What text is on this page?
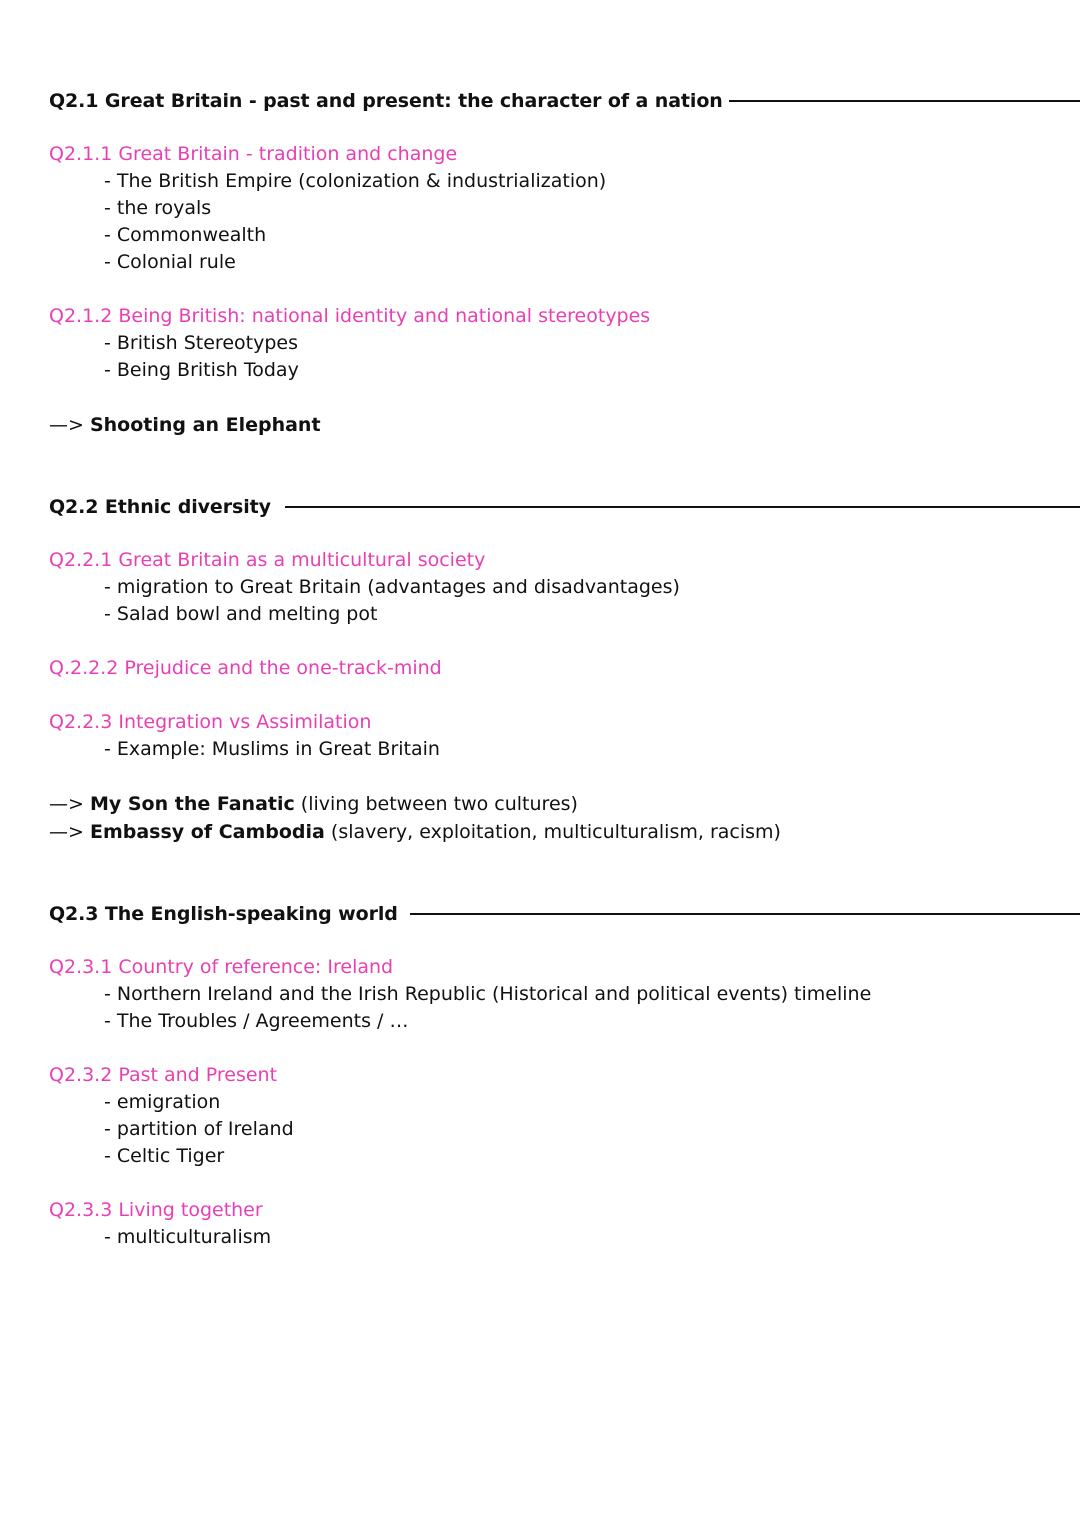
Q2.1 Great Britain - past and present: the character of a nation
Q2.1.1 Great Britain - tradition and change
- The British Empire (colonization & industrialization)
- the royals
- Commonwealth
- Colonial rule
Q2.1.2 Being British: national identity and national stereotypes
- British Stereotypes
- Being British Today
—> Shooting an Elephant
Q2.2 Ethnic diversity
Q2.2.1 Great Britain as a multicultural society
- migration to Great Britain (advantages and disadvantages)
- Salad bowl and melting pot
Q.2.2.2 Prejudice and the one-track-mind
Q2.2.3 Integration vs Assimilation
- Example: Muslims in Great Britain
—> My Son the Fanatic (living between two cultures)
—> Embassy of Cambodia (slavery, exploitation, multiculturalism, racism)
Q2.3 The English-speaking world
Q2.3.1 Country of reference: Ireland
- Northern Ireland and the Irish Republic (Historical and political events) timeline
- The Troubles / Agreements / …
Q2.3.2 Past and Present
- emigration
- partition of Ireland
- Celtic Tiger
Q2.3.3 Living together
- multiculturalism
